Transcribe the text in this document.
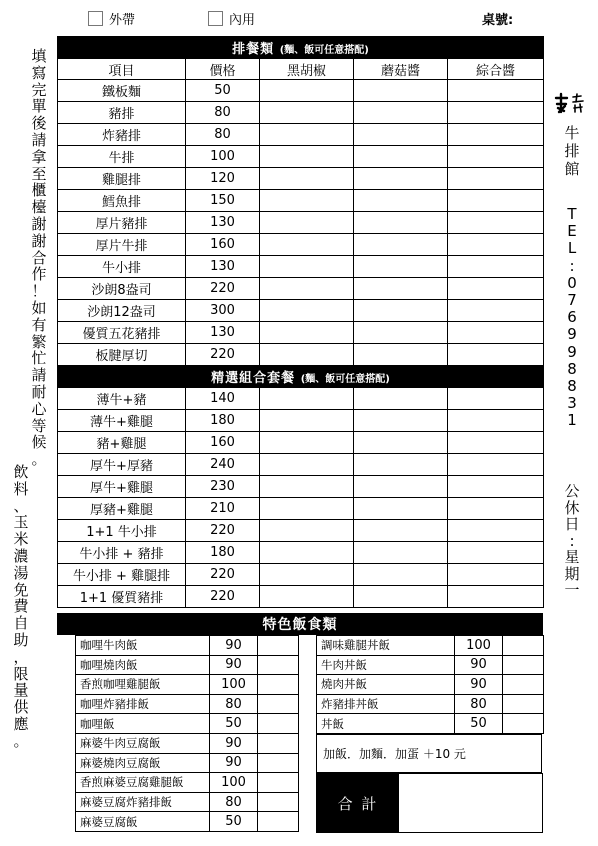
外帶	內用	桌號:
填
寫
完
單
後
請
拿
至
櫃
檯
謝
謝
合
作
！
如
有
繁
忙
請
耐
心
等
候
。
飲
料
、
玉
米
濃
湯
免
費
自
助
，
限
量
供
應
。
牛
排
館
T
E
L
:
0
7
6
9
9
8
8
3
1
公
休
日
:
星
期
一
排餐類 (麵、飯可任意搭配)				
項目	價格	黑胡椒	蘑菇醬	綜合醬
鐵板麵	50			
豬排	80			
炸豬排	80			
牛排	100			
雞腿排	120			
鱈魚排	150			
厚片豬排	130			
厚片牛排	160			
牛小排	130			
沙朗8盎司	220			
沙朗12盎司	300			
優質五花豬排	130			
板腱厚切	220			
精選組合套餐 (麵、飯可任意搭配)				
薄牛+豬	140			
薄牛+雞腿	180			
豬+雞腿	160			
厚牛+厚豬	240			
厚牛+雞腿	230			
厚豬+雞腿	210			
1+1 牛小排	220			
牛小排 + 豬排	180			
牛小排 + 雞腿排	220			
1+1 優質豬排	220			
特色飯食類
咖哩牛肉飯	90	
咖哩燒肉飯	90	
香煎咖哩雞腿飯	100	
咖哩炸豬排飯	80	
咖哩飯	50	
麻婆牛肉豆腐飯	90	
麻婆燒肉豆腐飯	90	
香煎麻婆豆腐雞腿飯	100	
麻婆豆腐炸豬排飯	80	
麻婆豆腐飯	50	
調味雞腿丼飯	100	
牛肉丼飯	90	
燒肉丼飯	90	
炸豬排丼飯	80	
丼飯	50	
加飯．加麵．加蛋 ＋10 元
合 計
